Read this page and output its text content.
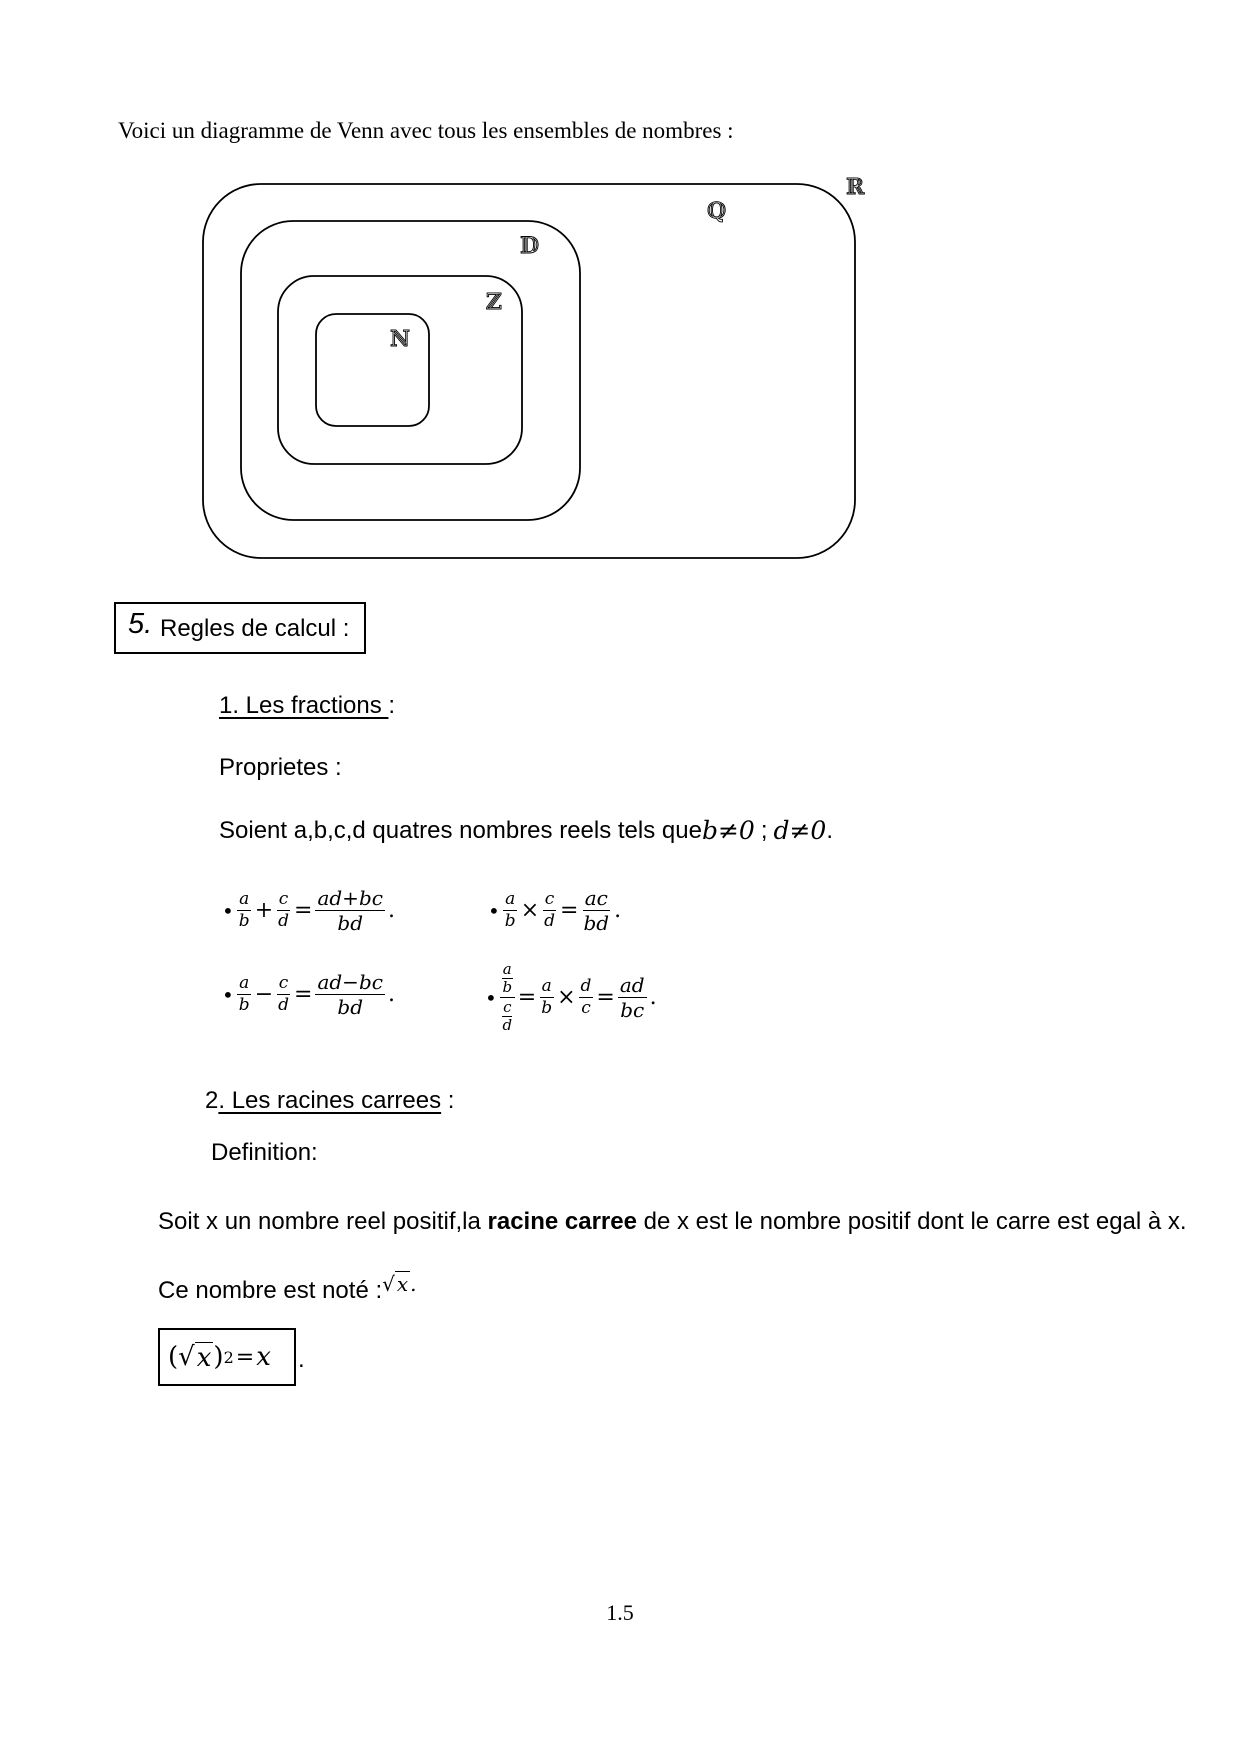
Voici un diagramme de Venn avec tous les ensembles de nombres :
ℝ
ℚ
𝔻
ℤ
ℕ
5. Regles de calcul :
1. Les fractions :
Proprietes :
Soient a,b,c,d quatres nombres reels tels que b≠0 ; d≠0 .
• $\frac{a}{b} + \frac{c}{d} = \frac{ad+bc}{bd}$ .	• $\frac{a}{b} \times \frac{c}{d} = \frac{ac}{bd}$ .
• $\frac{a}{b} - \frac{c}{d} = \frac{ad-bc}{bd}$ .	• a
b
c
$d = \frac{a}{b} \times \frac{d}{c} = \frac{ad}{bc}$ .
2. Les racines carrees :
Definition:
Soit x un nombre reel positif,la racine carree de x est le nombre positif dont le carre est egal à x.
Ce nombre est noté : √ x .
( √ x ) 2 = x .
1.5
